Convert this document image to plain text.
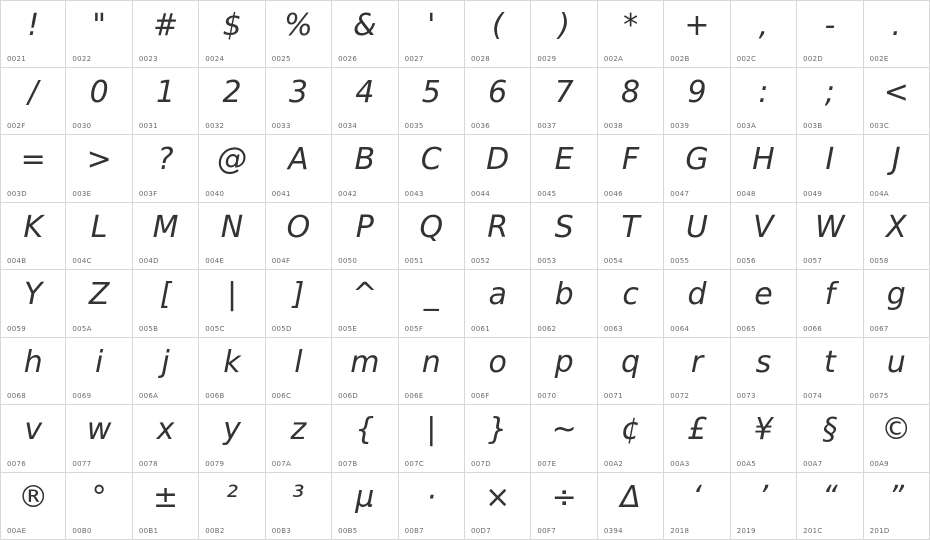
!
0021
"
0022
#
0023
$
0024
%
0025
&
0026
'
0027
(
0028
)
0029
*
002A
+
002B
,
002C
-
002D
.
002E
/
002F
0
0030
1
0031
2
0032
3
0033
4
0034
5
0035
6
0036
7
0037
8
0038
9
0039
:
003A
;
003B
<
003C
=
003D
>
003E
?
003F
@
0040
A
0041
B
0042
C
0043
D
0044
E
0045
F
0046
G
0047
H
0048
I
0049
J
004A
K
004B
L
004C
M
004D
N
004E
O
004F
P
0050
Q
0051
R
0052
S
0053
T
0054
U
0055
V
0056
W
0057
X
0058
Y
0059
Z
005A
[
005B
|
005C
]
005D
^
005E
_
005F
a
0061
b
0062
c
0063
d
0064
e
0065
f
0066
g
0067
h
0068
i
0069
j
006A
k
006B
l
006C
m
006D
n
006E
o
006F
p
0070
q
0071
r
0072
s
0073
t
0074
u
0075
v
0076
w
0077
x
0078
y
0079
z
007A
{
007B
|
007C
}
007D
~
007E
¢
00A2
£
00A3
¥
00A5
§
00A7
©
00A9
®
00AE
°
00B0
±
00B1
²
00B2
³
00B3
µ
00B5
·
00B7
×
00D7
÷
00F7
Δ
0394
‘
2018
’
2019
“
201C
”
201D
